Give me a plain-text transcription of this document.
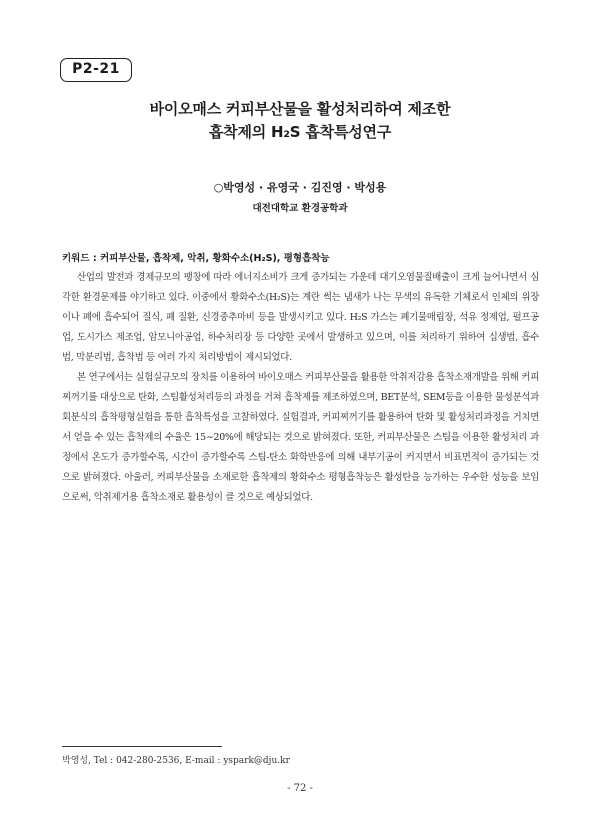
P2-21
바이오매스 커피부산물을 활성처리하여 제조한
흡착제의 H₂S 흡착특성연구
○박영성 · 유영국 · 김진영 · 박성용
대전대학교 환경공학과
키워드 : 커피부산물, 흡착제, 악취, 황화수소(H₂S), 평형흡착능

산업의 발전과 경제규모의 팽창에 따라 에너지소비가 크게 증가되는 가운데 대기오염물질배출이 크게 늘어나면서 심각한 환경문제를 야기하고 있다. 이중에서 황화수소(H₂S)는 계란 썩는 냄새가 나는 무색의 유독한 기체로서 인체의 위장이나 폐에 흡수되어 질식, 폐 질환, 신경중추마비 등을 발생시키고 있다. H₂S 가스는 폐기물매립장, 석유 정제업, 펄프공업, 도시가스 제조업, 암모니아공업, 하수처리장 등 다양한 곳에서 발생하고 있으며, 이를 처리하기 위하여 십생법, 흡수법, 막분리법, 흡착법 등 여러 가지 처리방법이 제시되었다.

본 연구에서는 실험실규모의 장치를 이용하여 바이오매스 커피부산물을 활용한 악취저감용 흡착소재개발을 위해 커피찌꺼기를 대상으로 탄화, 스팀활성처리등의 과정을 거쳐 흡착제를 제조하였으며, BET분석, SEM등을 이용한 물성분석과 회분식의 흡착평형실험을 통한 흡착특성을 고찰하였다. 실험결과, 커피찌꺼기를 활용하여 탄화 및 활성처리과정을 거치면서 얻을 수 있는 흡착제의 수율은 15∼20%에 해당되는 것으로 밝혀졌다. 또한, 커피부산물은 스팀을 이용한 활성처리 과정에서 온도가 증가할수록, 시간이 증가할수록 스팀-탄소 화학반응에 의해 내부기공이 커지면서 비표면적이 증가되는 것으로 밝혀졌다. 아울러, 커피부산물을 소재로한 흡착제의 황화수소 평형흡착능은 활성탄을 능가하는 우수한 성능을 보임으로써, 악취제거용 흡착소재로 활용성이 클 것으로 예상되었다.

박영성, Tel : 042-280-2536, E-mail : yspark@dju.kr
- 72 -
